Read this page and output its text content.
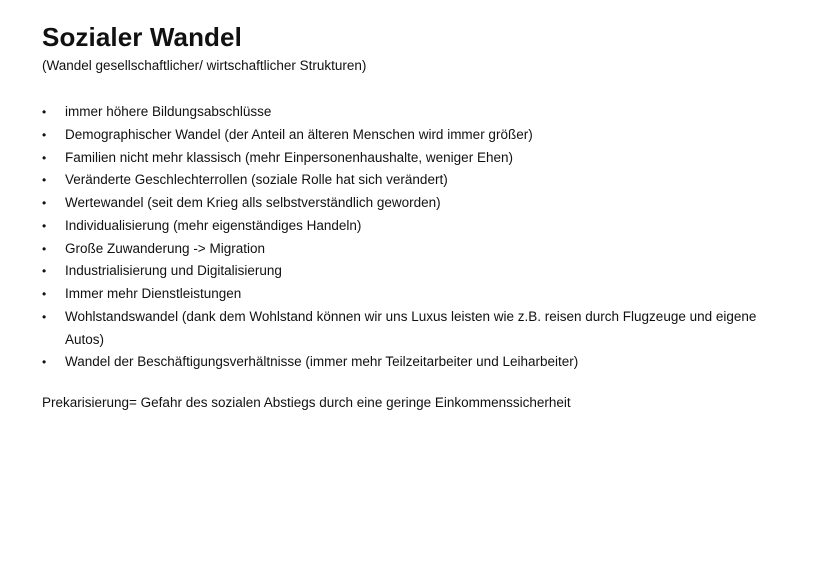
Sozialer Wandel

(Wandel gesellschaftlicher/ wirtschaftlicher Strukturen)

• immer höhere Bildungsabschlüsse
• Demographischer Wandel (der Anteil an älteren Menschen wird immer größer)
• Familien nicht mehr klassisch (mehr Einpersonenhaushalte, weniger Ehen)
• Veränderte Geschlechterrollen (soziale Rolle hat sich verändert)
• Wertewandel (seit dem Krieg alls selbstverständlich geworden)
• Individualisierung (mehr eigenständiges Handeln)
• Große Zuwanderung -> Migration
• Industrialisierung und Digitalisierung
• Immer mehr Dienstleistungen
• Wohlstandswandel (dank dem Wohlstand können wir uns Luxus leisten wie z.B. reisen durch Flugzeuge und eigene Autos)
• Wandel der Beschäftigungsverhältnisse (immer mehr Teilzeitarbeiter und Leiharbeiter)

Prekarisierung= Gefahr des sozialen Abstiegs durch eine geringe Einkommenssicherheit
